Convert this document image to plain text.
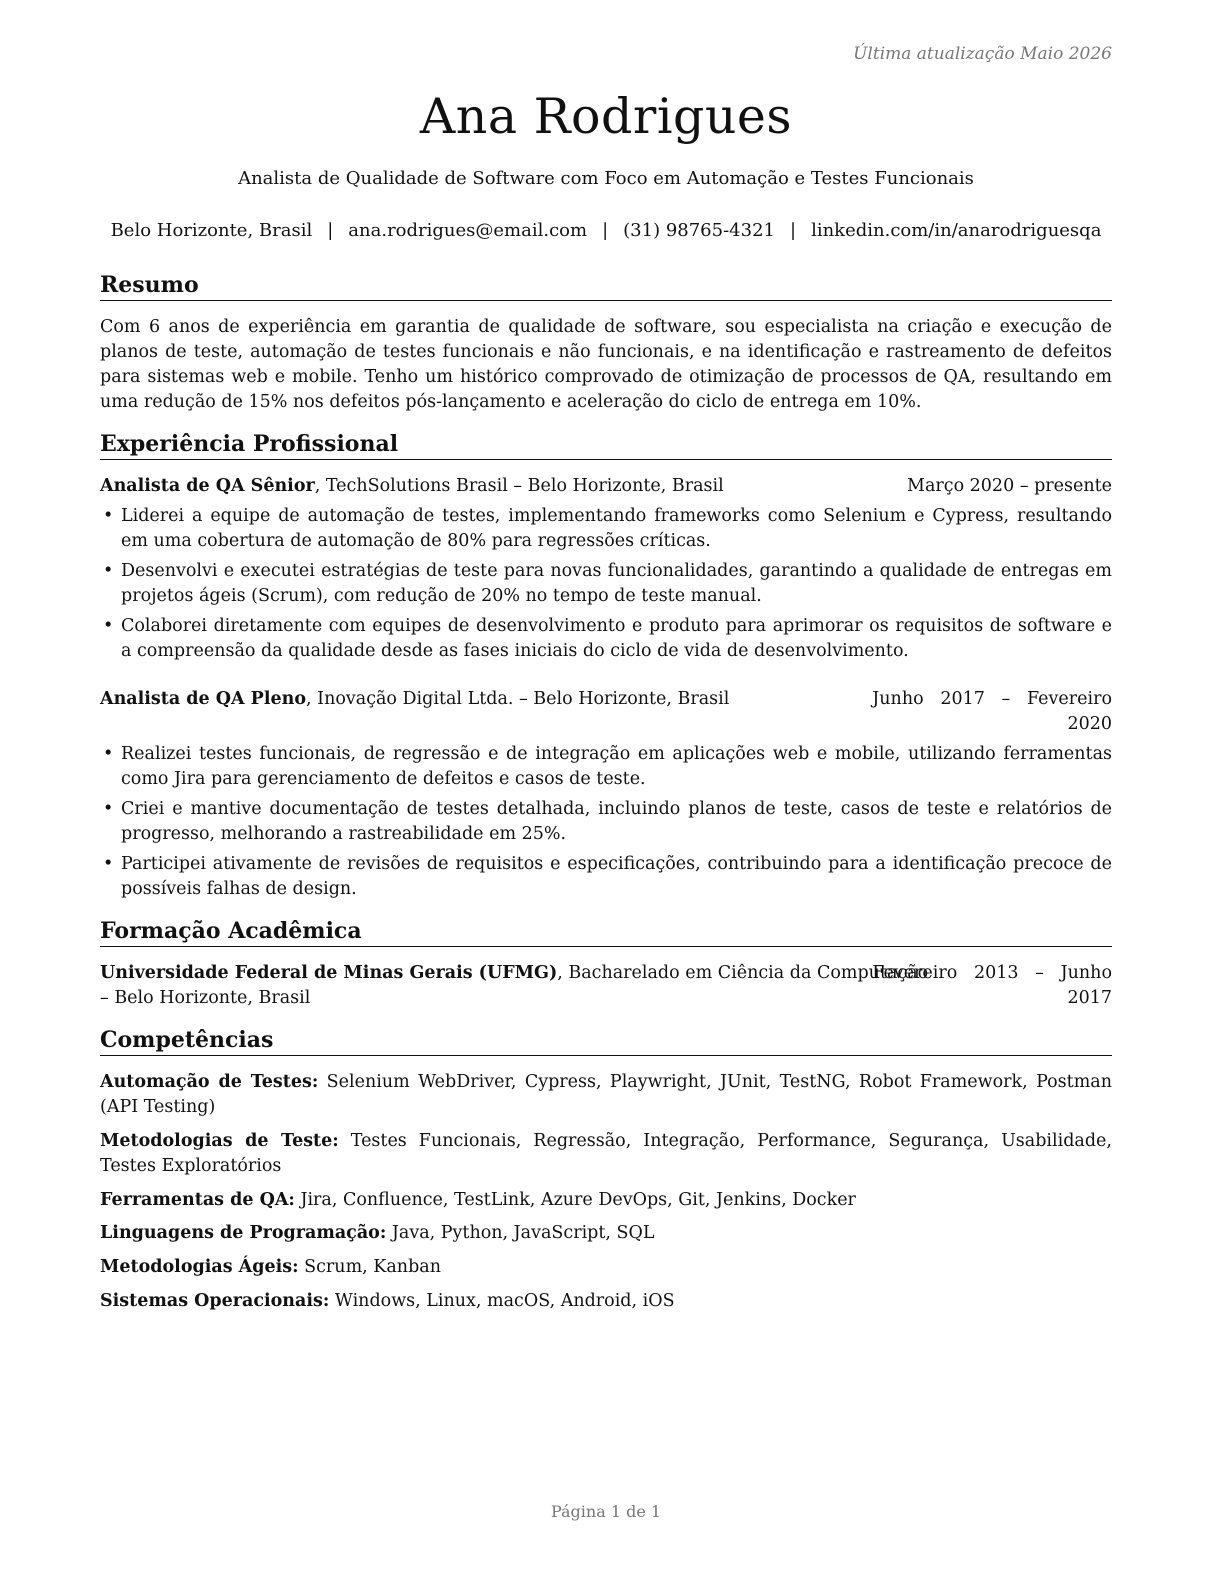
Última atualização Maio 2026
Ana Rodrigues
Analista de Qualidade de Software com Foco em Automação e Testes Funcionais
Belo Horizonte, Brasil | ana.rodrigues@email.com | (31) 98765-4321 | linkedin.com/in/anarodriguesqa
Resumo
Com 6 anos de experiência em garantia de qualidade de software, sou especialista na criação e execução de planos de teste, automação de testes funcionais e não funcionais, e na identificação e rastreamento de defeitos para sistemas web e mobile. Tenho um histórico comprovado de otimização de processos de QA, resultando em uma redução de 15% nos defeitos pós-lançamento e aceleração do ciclo de entrega em 10%.
Experiência Profissional
Analista de QA Sênior, TechSolutions Brasil – Belo Horizonte, Brasil	Março 2020 – presente
• Liderei a equipe de automação de testes, implementando frameworks como Selenium e Cypress, resultando em uma cobertura de automação de 80% para regressões críticas.
• Desenvolvi e executei estratégias de teste para novas funcionalidades, garantindo a qualidade de entregas em projetos ágeis (Scrum), com redução de 20% no tempo de teste manual.
• Colaborei diretamente com equipes de desenvolvimento e produto para aprimorar os requisitos de software e a compreensão da qualidade desde as fases iniciais do ciclo de vida de desenvolvimento.
Analista de QA Pleno, Inovação Digital Ltda. – Belo Horizonte, Brasil	Junho   2017   –   Fevereiro
2020
• Realizei testes funcionais, de regressão e de integração em aplicações web e mobile, utilizando ferramentas como Jira para gerenciamento de defeitos e casos de teste.
• Criei e mantive documentação de testes detalhada, incluindo planos de teste, casos de teste e relatórios de progresso, melhorando a rastreabilidade em 25%.
• Participei ativamente de revisões de requisitos e especificações, contribuindo para a identificação precoce de possíveis falhas de design.
Formação Acadêmica
Universidade Federal de Minas Gerais (UFMG), Bacharelado em Ciência da Computação
– Belo Horizonte, Brasil
Fevereiro   2013   –   Junho
2017
Competências
Automação de Testes: Selenium WebDriver, Cypress, Playwright, JUnit, TestNG, Robot Framework, Postman (API Testing)
Metodologias de Teste: Testes Funcionais, Regressão, Integração, Performance, Segurança, Usabilidade, Testes Exploratórios
Ferramentas de QA: Jira, Confluence, TestLink, Azure DevOps, Git, Jenkins, Docker
Linguagens de Programação: Java, Python, JavaScript, SQL
Metodologias Ágeis: Scrum, Kanban
Sistemas Operacionais: Windows, Linux, macOS, Android, iOS
Página 1 de 1
